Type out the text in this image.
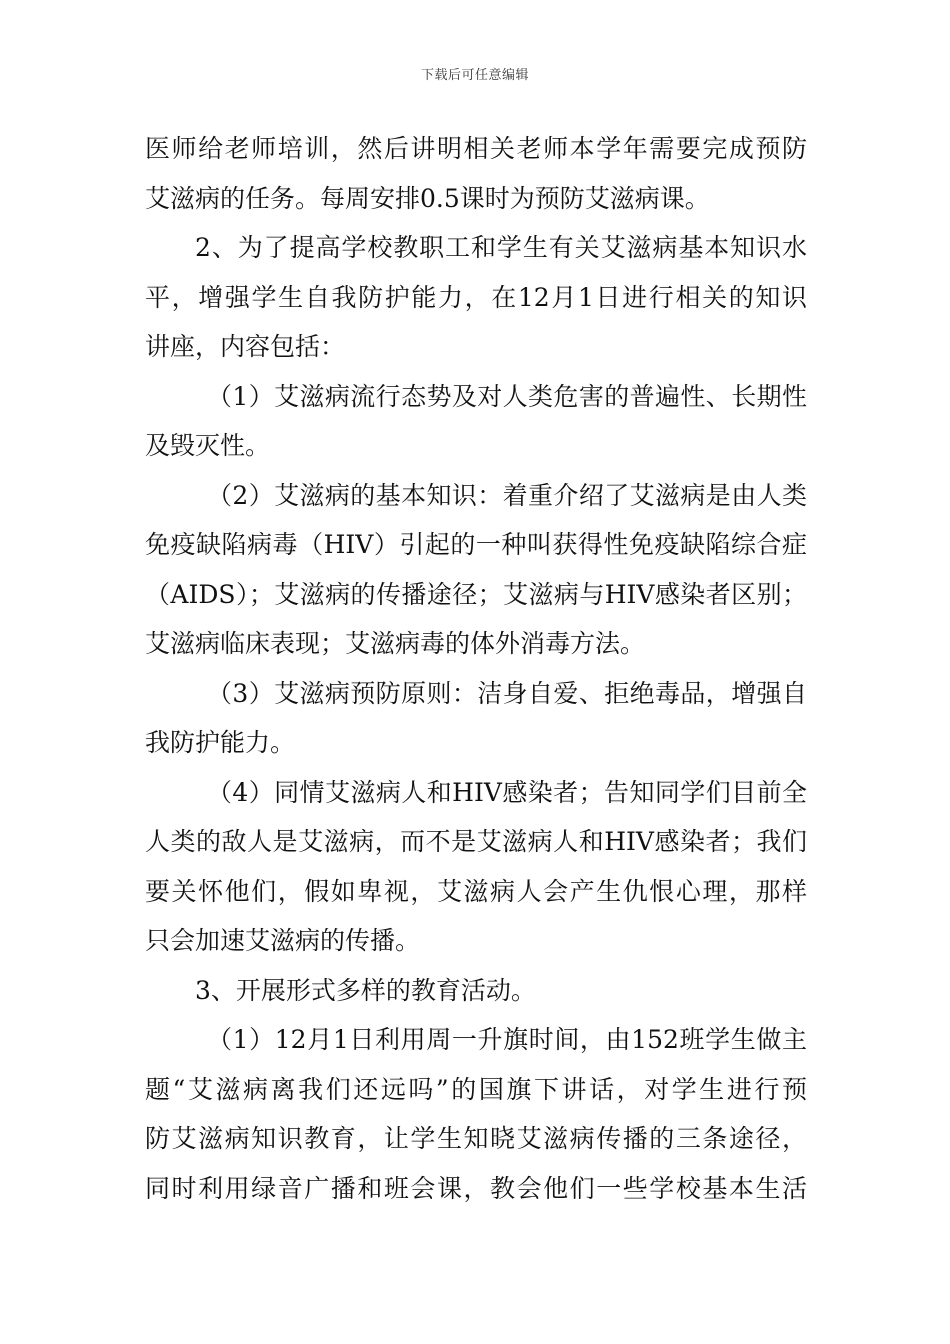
下载后可任意编辑
医师给老师培训，然后讲明相关老师本学年需要完成预防
艾滋病的任务。每周安排0.5课时为预防艾滋病课。
2、为了提高学校教职工和学生有关艾滋病基本知识水
平，增强学生自我防护能力，在12月1日进行相关的知识
讲座，内容包括：
（1）艾滋病流行态势及对人类危害的普遍性、长期性
及毁灭性。
（2）艾滋病的基本知识：着重介绍了艾滋病是由人类
免疫缺陷病毒（HIV）引起的一种叫获得性免疫缺陷综合症
（AIDS）；艾滋病的传播途径；艾滋病与HIV感染者区别；
艾滋病临床表现；艾滋病毒的体外消毒方法。
（3）艾滋病预防原则：洁身自爱、拒绝毒品，增强自
我防护能力。
（4）同情艾滋病人和HIV感染者；告知同学们目前全
人类的敌人是艾滋病，而不是艾滋病人和HIV感染者；我们
要关怀他们，假如卑视，艾滋病人会产生仇恨心理，那样
只会加速艾滋病的传播。
3、开展形式多样的教育活动。
（1）12月1日利用周一升旗时间，由152班学生做主
题“艾滋病离我们还远吗”的国旗下讲话，对学生进行预
防艾滋病知识教育，让学生知晓艾滋病传播的三条途径，
同时利用绿音广播和班会课，教会他们一些学校基本生活
